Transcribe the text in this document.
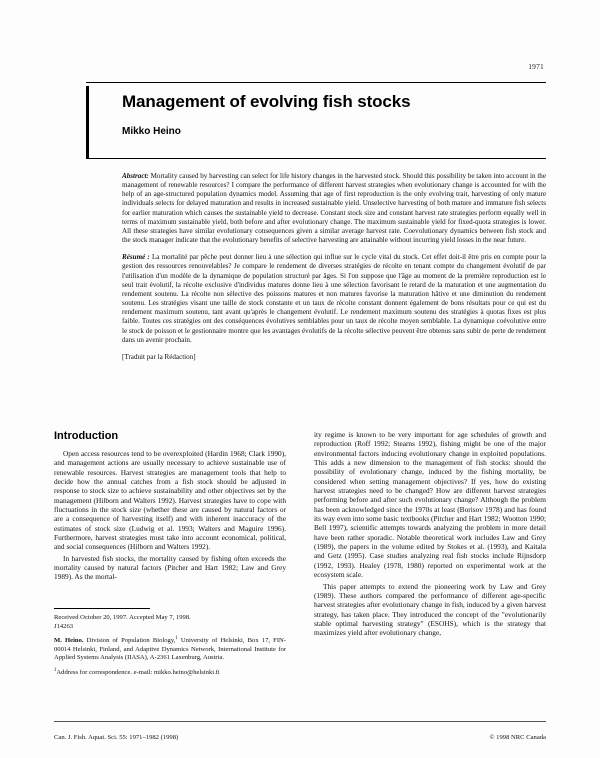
1971
Management of evolving fish stocks
Mikko Heino

Abstract: Mortality caused by harvesting can select for life history changes in the harvested stock. Should this possibility be taken into account in the management of renewable resources? I compare the performance of different harvest strategies when evolutionary change is accounted for with the help of an age-structured population dynamics model. Assuming that age of first reproduction is the only evolving trait, harvesting of only mature individuals selects for delayed maturation and results in increased sustainable yield. Unselective harvesting of both mature and immature fish selects for earlier maturation which causes the sustainable yield to decrease. Constant stock size and constant harvest rate strategies perform equally well in terms of maximum sustainable yield, both before and after evolutionary change. The maximum sustainable yield for fixed-quota strategies is lower. All these strategies have similar evolutionary consequences given a similar average harvest rate. Coevolutionary dynamics between fish stock and the stock manager indicate that the evolutionary benefits of selective harvesting are attainable without incurring yield losses in the near future.

Résumé : La mortalité par pêche peut donner lieu à une sélection qui influe sur le cycle vital du stock. Cet effet doit-il être pris en compte pour la gestion des ressources renouvelables? Je compare le rendement de diverses stratégies de récolte en tenant compte du changement évolutif de par l'utilisation d'un modèle de la dynamique de population structuré par âges. Si l'on suppose que l'âge au moment de la première reproduction est le seul trait évolutif, la récolte exclusive d'individus matures donne lieu à une sélection favorisant le retard de la maturation et une augmentation du rendement soutenu. La récolte non sélective des poissons matures et non matures favorise la maturation hâtive et une diminution du rendement soutenu. Les stratégies visant une taille de stock constante et un taux de récolte constant donnent également de bons résultats pour ce qui est du rendement maximum soutenu, tant avant qu'après le changement évolutif. Le rendement maximum soutenu des stratégies à quotas fixes est plus faible. Toutes ces stratégies ont des conséquences évolutives semblables pour un taux de récolte moyen semblable. La dynamique coévolutive entre le stock de poisson et le gestionnaire montre que les avantages évolutifs de la récolte sélective peuvent être obtenus sans subir de perte de rendement dans un avenir prochain.

[Traduit par la Rédaction]

Introduction

Open access resources tend to be overexploited (Hardin 1968; Clark 1990), and management actions are usually necessary to achieve sustainable use of renewable resources. Harvest strategies are management tools that help to decide how the annual catches from a fish stock should be adjusted in response to stock size to achieve sustainability and other objectives set by the management (Hilborn and Walters 1992). Harvest strategies have to cope with fluctuations in the stock size (whether these are caused by natural factors or are a consequence of harvesting itself) and with inherent inaccuracy of the estimates of stock size (Ludwig et al. 1993; Walters and Maguire 1996). Furthermore, harvest strategies must take into account economical, political, and social consequences (Hilborn and Walters 1992).

In harvested fish stocks, the mortality caused by fishing often exceeds the mortality caused by natural factors (Pitcher and Hart 1982; Law and Grey 1989). As the mortal-

Received October 20, 1997. Accepted May 7, 1998.
J14263

M. Heino. Division of Population Biology,$^1$ University of Helsinki, Box 17, FIN-00014 Helsinki, Finland, and Adaptive Dynamics Network, International Institute for Applied Systems Analysis (IIASA), A-2361 Laxenburg, Austria.

$^1$Address for correspondence. e-mail: mikko.heino@helsinki.fi

ity regime is known to be very important for age schedules of growth and reproduction (Roff 1992; Stearns 1992), fishing might be one of the major environmental factors inducing evolutionary change in exploited populations. This adds a new dimension to the management of fish stocks: should the possibility of evolutionary change, induced by the fishing mortality, be considered when setting management objectives? If yes, how do existing harvest strategies need to be changed? How are different harvest strategies performing before and after such evolutionary change? Although the problem has been acknowledged since the 1970s at least (Borisov 1978) and has found its way even into some basic textbooks (Pitcher and Hart 1982; Wootton 1990; Bell 1997), scientific attempts towards analyzing the problem in more detail have been rather sporadic. Notable theoretical work includes Law and Grey (1989), the papers in the volume edited by Stokes et al. (1993), and Kaitala and Getz (1995). Case studies analyzing real fish stocks include Rijnsdorp (1992, 1993). Healey (1978, 1980) reported on experimental work at the ecosystem scale.

This paper attempts to extend the pioneering work by Law and Grey (1989). These authors compared the performance of different age-specific harvest strategies after evolutionary change in fish, induced by a given harvest strategy, has taken place. They introduced the concept of the "evolutionarily stable optimal harvesting strategy" (ESOHS), which is the strategy that maximizes yield after evolutionary change,

Can. J. Fish. Aquat. Sci. 55: 1971–1982 (1998)	© 1998 NRC Canada
